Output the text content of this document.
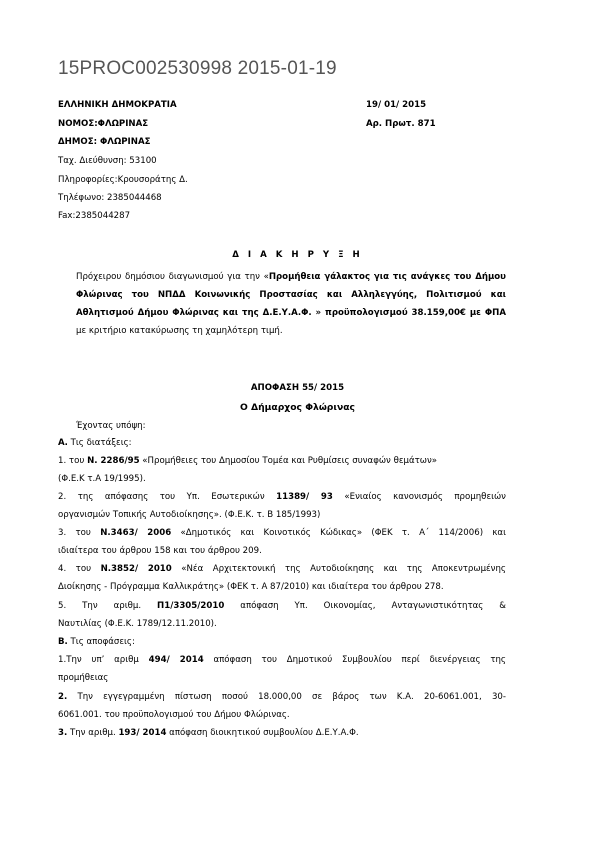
15PROC002530998 2015-01-19
ΕΛΛΗΝΙΚΗ ΔΗΜΟΚΡΑΤΙΑ
ΝΟΜΟΣ:ΦΛΩΡΙΝΑΣ
ΔΗΜΟΣ: ΦΛΩΡΙΝΑΣ
Ταχ. Διεύθυνση: 53100
Πληροφορίες:Κρουσοράτης Δ.
Τηλέφωνο: 2385044468
Fax:2385044287
19/ 01/ 2015
Αρ. Πρωτ. 871
Δ Ι Α Κ Η Ρ Υ Ξ Η
Πρόχειρου δημόσιου διαγωνισμού για την «Προμήθεια γάλακτος για τις ανάγκες του Δήμου Φλώρινας του ΝΠΔΔ Κοινωνικής Προστασίας και Αλληλεγγύης, Πολιτισμού και Αθλητισμού Δήμου Φλώρινας και της Δ.Ε.Υ.Α.Φ. » προϋπολογισμού 38.159,00€ με ΦΠΑ με κριτήριο κατακύρωσης τη χαμηλότερη τιμή.
ΑΠΟΦΑΣΗ 55/ 2015
Ο Δήμαρχος Φλώρινας
Έχοντας υπόψη:
Α. Τις διατάξεις:
1. του Ν. 2286/95 «Προμήθειες του Δημοσίου Τομέα και Ρυθμίσεις συναφών θεμάτων»
(Φ.Ε.Κ τ.Α 19/1995).
2. της απόφασης του Υπ. Εσωτερικών 11389/ 93 «Ενιαίος κανονισμός προμηθειών
οργανισμών Τοπικής Αυτοδιοίκησης». (Φ.Ε.Κ. τ. Β 185/1993)
3. του Ν.3463/ 2006 «Δημοτικός και Κοινοτικός Κώδικας» (ΦΕΚ τ. Α΄ 114/2006) και
ιδιαίτερα του άρθρου 158 και του άρθρου 209.
4. του Ν.3852/ 2010 «Νέα Αρχιτεκτονική της Αυτοδιοίκησης και της Αποκεντρωμένης
Διοίκησης - Πρόγραμμα Καλλικράτης» (ΦΕΚ τ. Α 87/2010) και ιδιαίτερα του άρθρου 278.
5. Την αριθμ. Π1/3305/2010 απόφαση Υπ. Οικονομίας, Ανταγωνιστικότητας &
Ναυτιλίας (Φ.Ε.Κ. 1789/12.11.2010).
Β. Τις αποφάσεις:
1.Την υπ’ αριθμ 494/ 2014 απόφαση του Δημοτικού Συμβουλίου περί διενέργειας της
προμήθειας
2. Την εγγεγραμμένη πίστωση ποσού 18.000,00 σε βάρος των Κ.Α. 20-6061.001, 30-
6061.001. του προϋπολογισμού του Δήμου Φλώρινας.
3. Την αριθμ. 193/ 2014 απόφαση διοικητικού συμβουλίου Δ.Ε.Υ.Α.Φ.
